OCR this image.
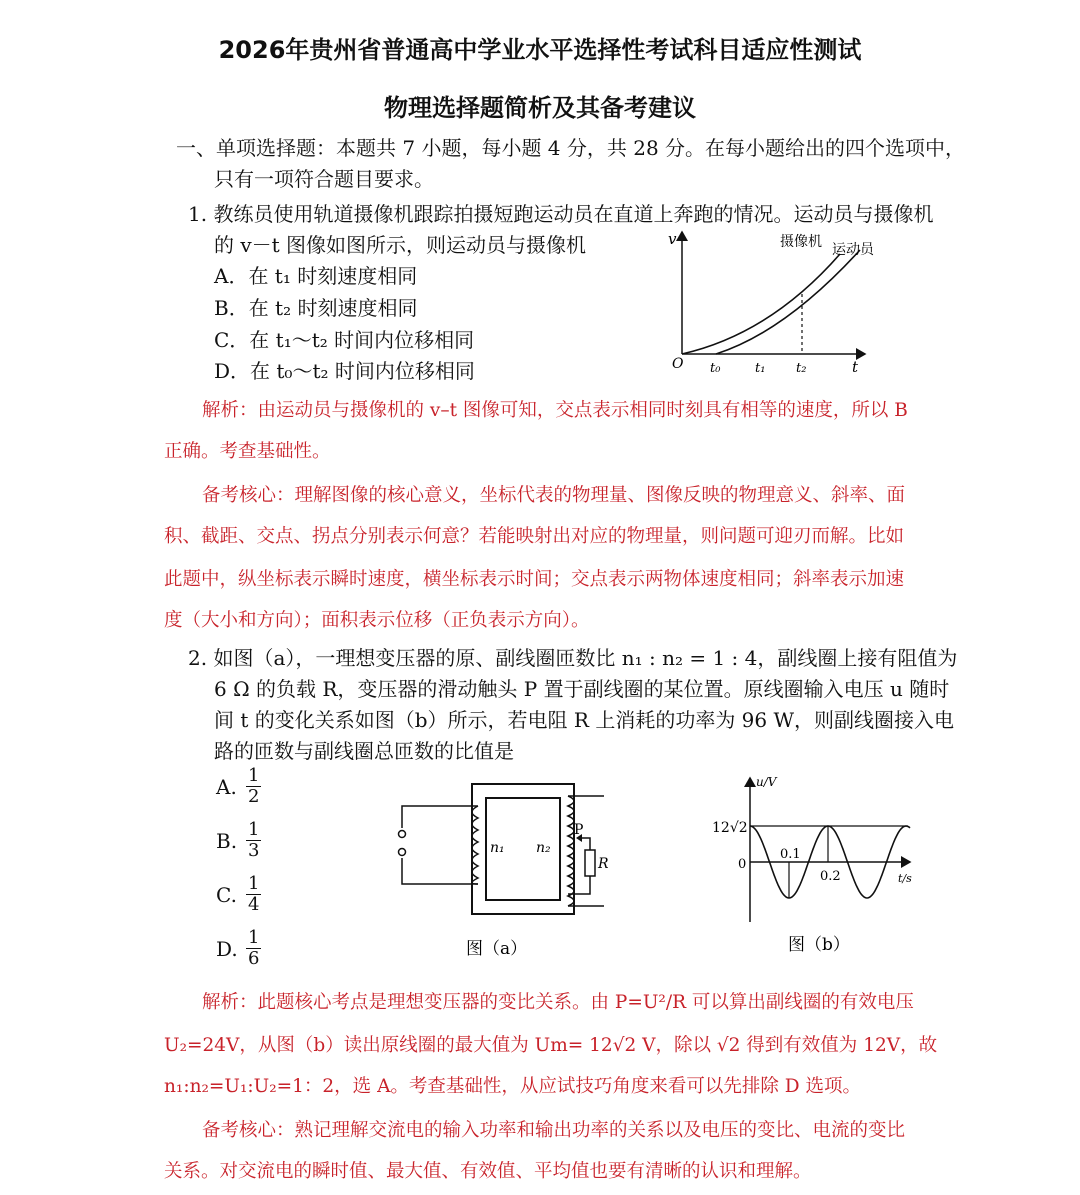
2026年贵州省普通高中学业水平选择性考试科目适应性测试
物理选择题简析及其备考建议
一、单项选择题：本题共 7 小题，每小题 4 分，共 28 分。在每小题给出的四个选项中，
只有一项符合题目要求。
1. 教练员使用轨道摄像机跟踪拍摄短跑运动员在直道上奔跑的情况。运动员与摄像机
的 v－t 图像如图所示，则运动员与摄像机
A．在 t₁ 时刻速度相同
B．在 t₂ 时刻速度相同
C．在 t₁～t₂ 时间内位移相同
D．在 t₀～t₂ 时间内位移相同
v
t
O t₀	t₁ t₂
摄像机 运动员
解析：由运动员与摄像机的 v–t 图像可知，交点表示相同时刻具有相等的速度，所以 B
正确。考查基础性。
备考核心：理解图像的核心意义，坐标代表的物理量、图像反映的物理意义、斜率、面
积、截距、交点、拐点分别表示何意？若能映射出对应的物理量，则问题可迎刃而解。比如
此题中，纵坐标表示瞬时速度，横坐标表示时间；交点表示两物体速度相同；斜率表示加速
度（大小和方向）；面积表示位移（正负表示方向）。
2. 如图（a），一理想变压器的原、副线圈匝数比 n₁ : n₂ = 1 : 4，副线圈上接有阻值为
6 Ω 的负载 R，变压器的滑动触头 P 置于副线圈的某位置。原线圈输入电压 u 随时
间 t 的变化关系如图（b）所示，若电阻 R 上消耗的功率为 96 W，则副线圈接入电
路的匝数与副线圈总匝数的比值是
A. $\frac{1}{2}$
B. $\frac{1}{3}$
C. $\frac{1}{4}$
D. $\frac{1}{6}$
n₁ n₂
P
R
图（a）
u/V
t/s
12√2
0
0.1
0.2
图（b）
解析：此题核心考点是理想变压器的变比关系。由 P=U²/R 可以算出副线圈的有效电压
U₂=24V，从图（b）读出原线圈的最大值为 Um= 12√2 V，除以 √2 得到有效值为 12V，故
n₁:n₂=U₁:U₂=1：2，选 A。考查基础性，从应试技巧角度来看可以先排除 D 选项。
备考核心：熟记理解交流电的输入功率和输出功率的关系以及电压的变比、电流的变比
关系。对交流电的瞬时值、最大值、有效值、平均值也要有清晰的认识和理解。
